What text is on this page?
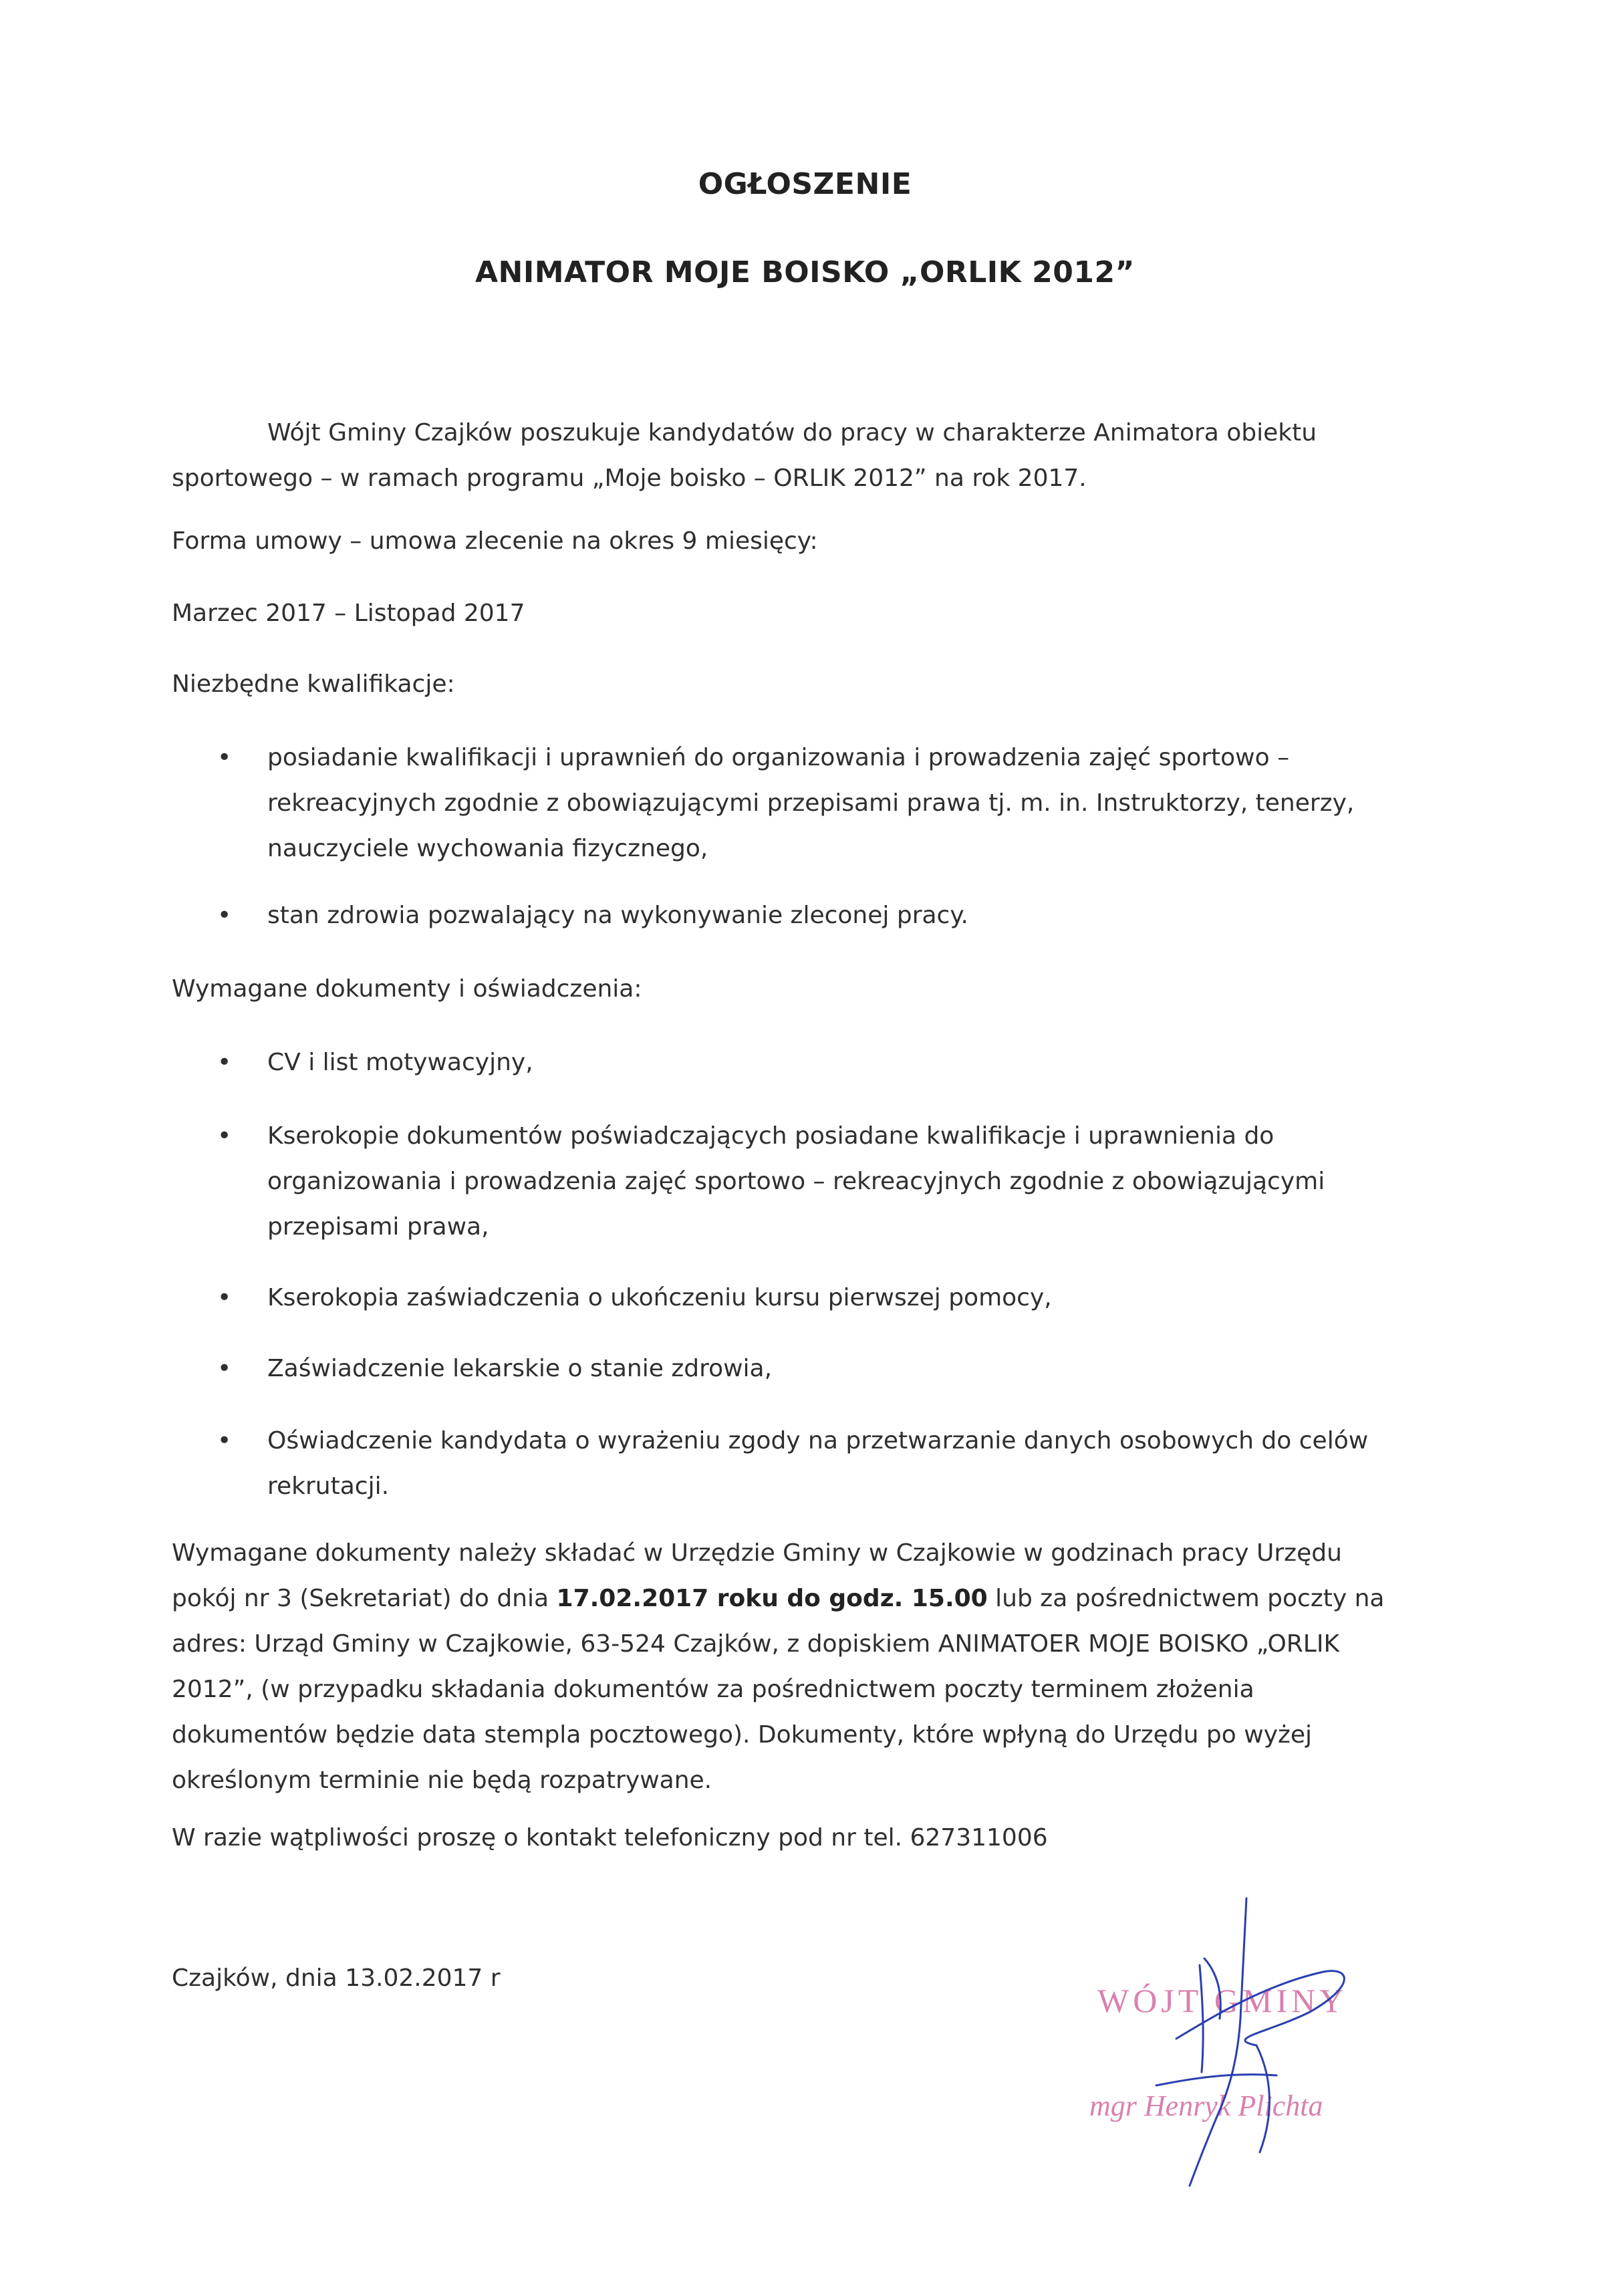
OGŁOSZENIE
ANIMATOR MOJE BOISKO „ORLIK 2012”
Wójt Gminy Czajków poszukuje kandydatów do pracy w charakterze Animatora obiektu
sportowego – w ramach programu „Moje boisko – ORLIK 2012” na rok 2017.
Forma umowy – umowa zlecenie na okres 9 miesięcy:
Marzec 2017 – Listopad 2017
Niezbędne kwalifikacje:
• posiadanie kwalifikacji i uprawnień do organizowania i prowadzenia zajęć sportowo –
rekreacyjnych zgodnie z obowiązującymi przepisami prawa tj. m. in. Instruktorzy, tenerzy,
nauczyciele wychowania fizycznego,
• stan zdrowia pozwalający na wykonywanie zleconej pracy.
Wymagane dokumenty i oświadczenia:
• CV i list motywacyjny,
• Kserokopie dokumentów poświadczających posiadane kwalifikacje i uprawnienia do
organizowania i prowadzenia zajęć sportowo – rekreacyjnych zgodnie z obowiązującymi
przepisami prawa,
• Kserokopia zaświadczenia o ukończeniu kursu pierwszej pomocy,
• Zaświadczenie lekarskie o stanie zdrowia,
• Oświadczenie kandydata o wyrażeniu zgody na przetwarzanie danych osobowych do celów
rekrutacji.
Wymagane dokumenty należy składać w Urzędzie Gminy w Czajkowie w godzinach pracy Urzędu
pokój nr 3 (Sekretariat) do dnia 17.02.2017 roku do godz. 15.00 lub za pośrednictwem poczty na
adres: Urząd Gminy w Czajkowie, 63-524 Czajków, z dopiskiem ANIMATOER MOJE BOISKO „ORLIK
2012”, (w przypadku składania dokumentów za pośrednictwem poczty terminem złożenia
dokumentów będzie data stempla pocztowego). Dokumenty, które wpłyną do Urzędu po wyżej
określonym terminie nie będą rozpatrywane.
W razie wątpliwości proszę o kontakt telefoniczny pod nr tel. 627311006
Czajków, dnia 13.02.2017 r
WÓJT GMINY
mgr Henryk Plichta
